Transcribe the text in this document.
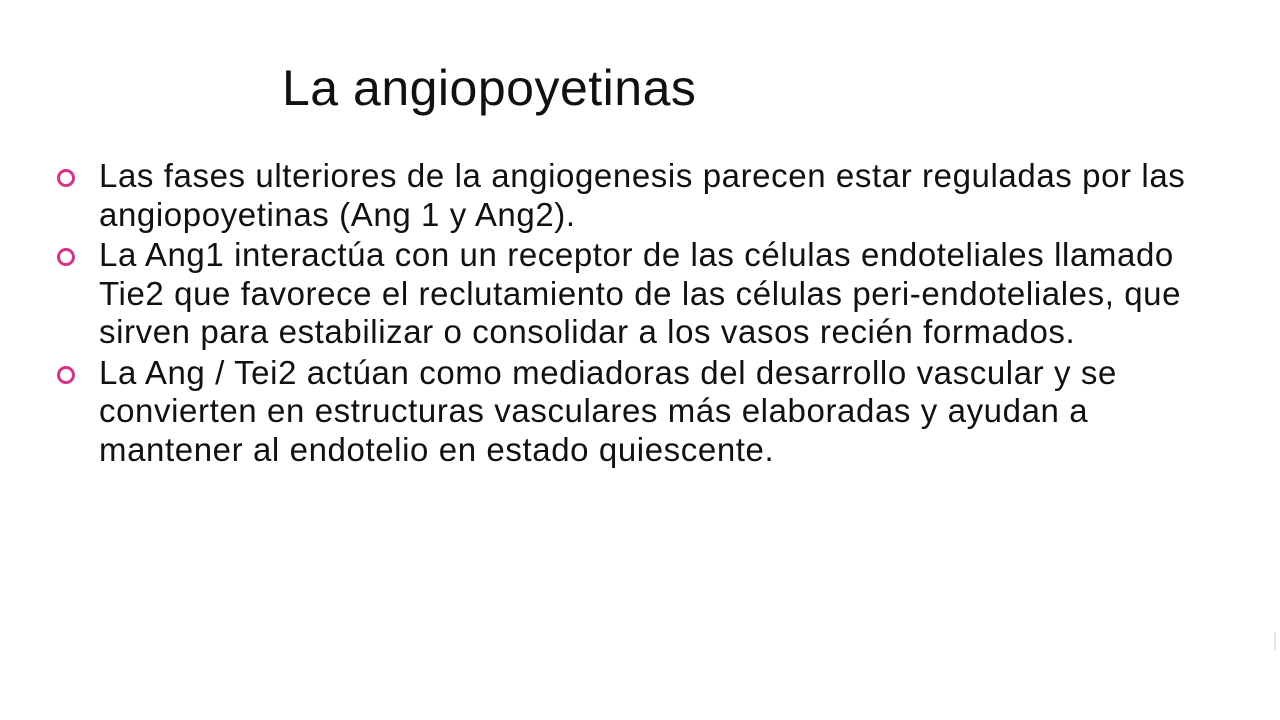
La angiopoyetinas
Las fases ulteriores de la angiogenesis parecen estar reguladas por las angiopoyetinas (Ang 1 y Ang2).
La Ang1 interactúa con un receptor de las células endoteliales llamado Tie2 que favorece el reclutamiento de las células peri-endoteliales, que sirven para estabilizar o consolidar a los vasos recién formados.
La Ang / Tei2 actúan como mediadoras del desarrollo vascular y se convierten en estructuras vasculares más elaboradas y ayudan a mantener al endotelio en estado quiescente.
